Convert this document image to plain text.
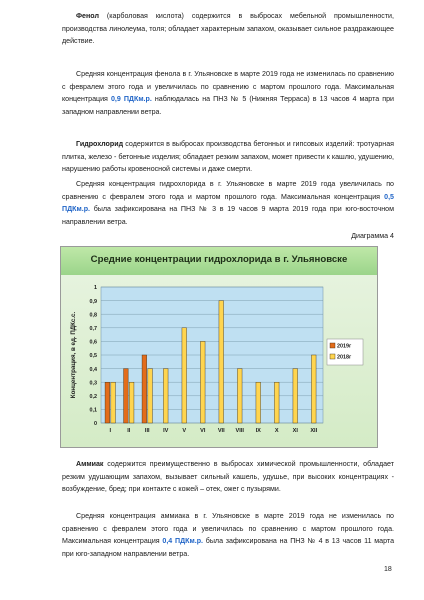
Фенол (карболовая кислота) содержится в выбросах мебельной промышленности, производства линолеума, толя; обладает характерным запахом, оказывает сильное раздражающее действие.

Средняя концентрация фенола в г. Ульяновске в марте 2019 года не изменилась по сравнению с февралем этого года и увеличилась по сравнению с мартом прошлого года. Максимальная концентрация 0,9 ПДКм.р. наблюдалась на ПНЗ № 5 (Нижняя Терраса) в 13 часов 4 марта при западном направлении ветра.

Гидрохлорид содержится в выбросах производства бетонных и гипсовых изделий: тротуарная плитка, железо - бетонные изделия; обладает резким запахом, может привести к кашлю, удушению, нарушению работы кровеносной системы и даже смерти.

Средняя концентрация гидрохлорида в г. Ульяновске в марте 2019 года увеличилась по сравнению с февралем этого года и мартом прошлого года. Максимальная концентрация 0,5 ПДКм.р. была зафиксирована на ПНЗ № 3 в 19 часов 9 марта 2019 года при юго-восточном направлении ветра.

Диаграмма 4
Средние концентрации гидрохлорида в г. Ульяновске
0
0,1
0,2
0,3
0,4
0,5
0,6
0,7
0,8
0,9
1
Концентрация, в ед. ПДКс.с.
I	II	III IV V VI VII VIII IX X XI XII
2019г
2018г

Аммиак содержится преимущественно в выбросах химической промышленности, обладает резким удушающим запахом, вызывает сильный кашель, удушье, при высоких концентрациях - возбуждение, бред; при контакте с кожей – отек, ожег с пузырями.

Средняя концентрация аммиака в г. Ульяновске в марте 2019 года не изменилась по сравнению с февралем этого года и увеличилась по сравнению с мартом прошлого года. Максимальная концентрация 0,4 ПДКм.р. была зафиксирована на ПНЗ № 4 в 13 часов 11 марта при юго-западном направлении ветра.

18
